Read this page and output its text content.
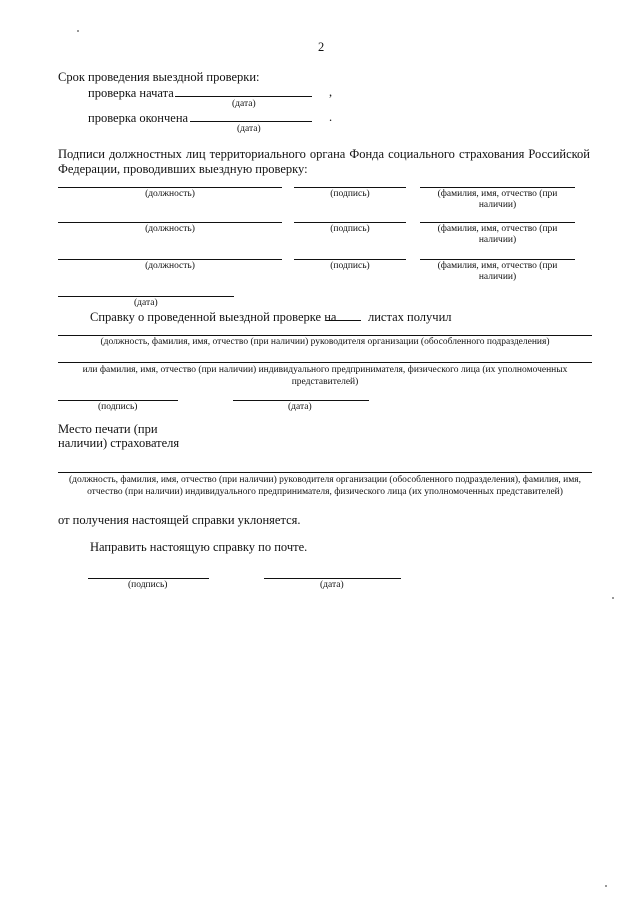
2
Срок проведения выездной проверки:
проверка начата	,
(дата)
проверка окончена	.
(дата)
Подписи должностных лиц территориального органа Фонда социального страхования Российской
Федерации, проводивших выездную проверку:
(должность)	(подпись)	(фамилия, имя, отчество (при наличии)
(должность)	(подпись)	(фамилия, имя, отчество (при наличии)
(должность)	(подпись)	(фамилия, имя, отчество (при наличии)
(дата)
Справку о проведенной выездной проверке на	листах получил
(должность, фамилия, имя, отчество (при наличии) руководителя организации (обособленного подразделения)
или фамилия, имя, отчество (при наличии) индивидуального предпринимателя, физического лица (их уполномоченных представителей)
(подпись)	(дата)
Место печати (при
наличии) страхователя
(должность, фамилия, имя, отчество (при наличии) руководителя организации (обособленного подразделения), фамилия, имя, отчество (при наличии) индивидуального предпринимателя, физического лица (их уполномоченных представителей)
от получения настоящей справки уклоняется.
Направить настоящую справку по почте.
(подпись)	(дата)
